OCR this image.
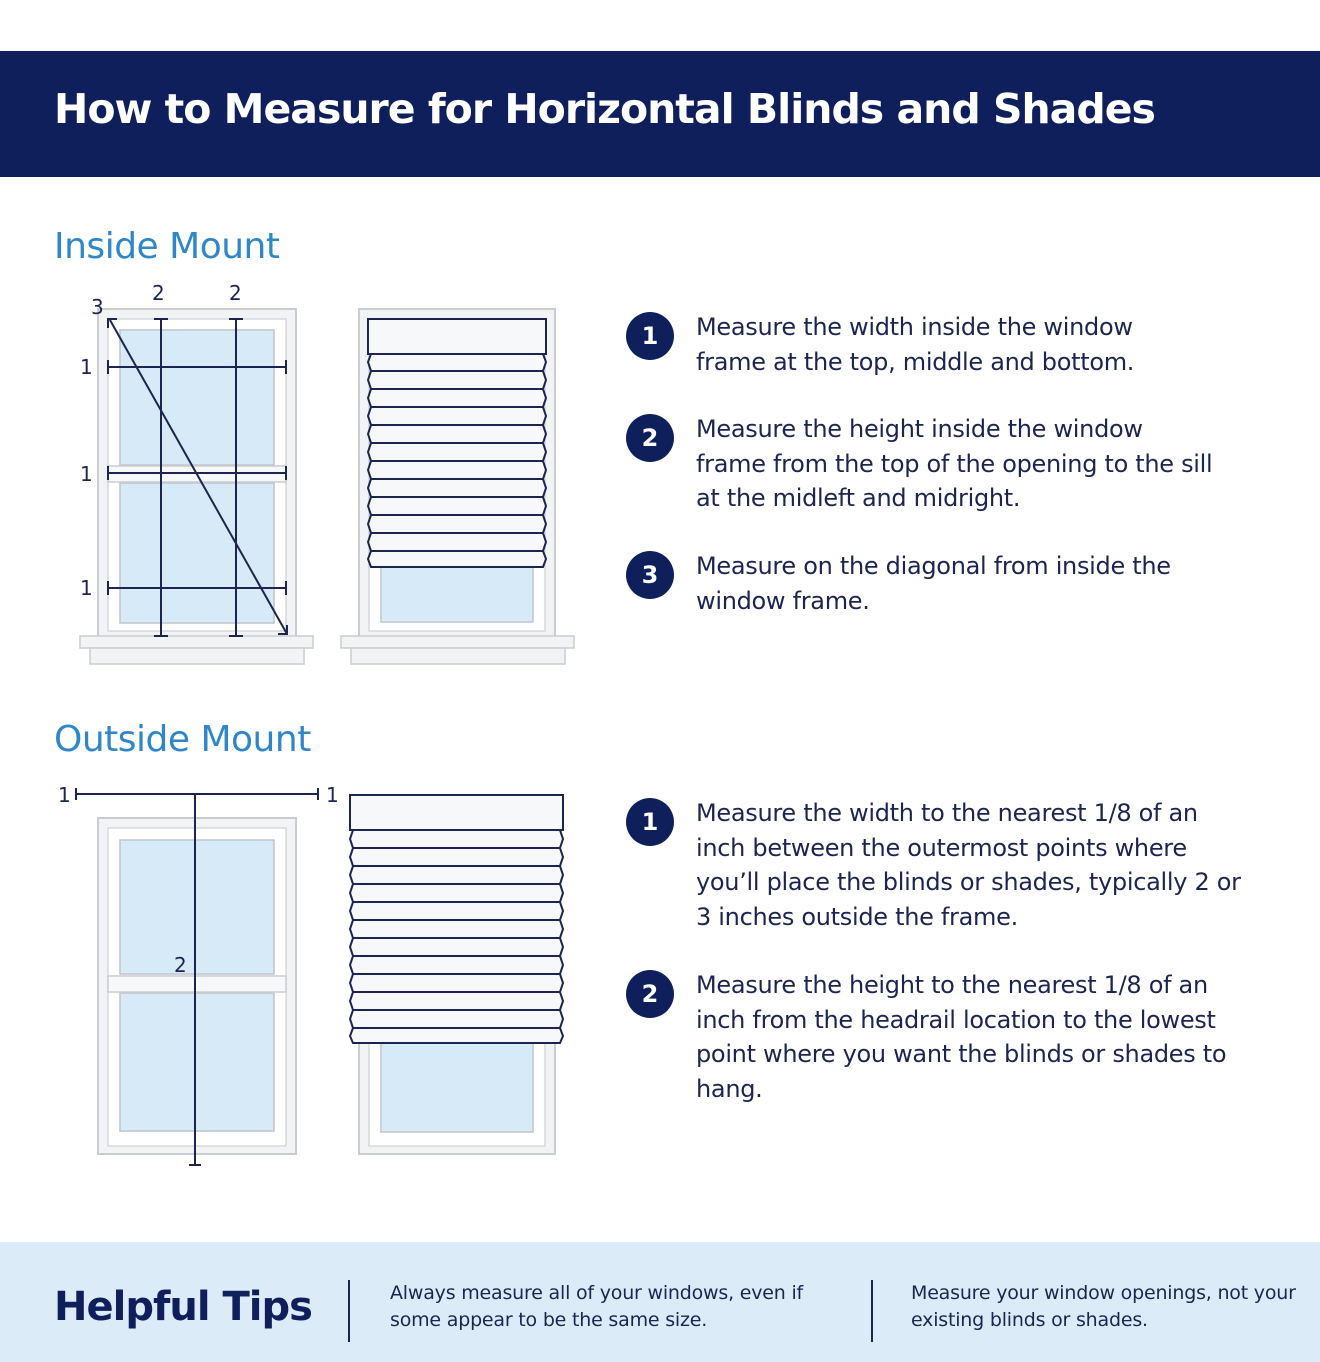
How to Measure for Horizontal Blinds and Shades
Inside Mount
3
2	2
1
1
1
1	Measure the width inside the window frame at the top, middle and bottom.
2	Measure the height inside the window frame from the top of the opening to the sill at the midleft and midright.
3	Measure on the diagonal from inside the window frame.
Outside Mount
1	1
2
1	Measure the width to the nearest 1/8 of an inch between the outermost points where you’ll place the blinds or shades, typically 2 or 3 inches outside the frame.
2	Measure the height to the nearest 1/8 of an inch from the headrail location to the lowest point where you want the blinds or shades to hang.
Helpful Tips	Always measure all of your windows, even if some appear to be the same size.
Measure your window openings, not your existing blinds or shades.
